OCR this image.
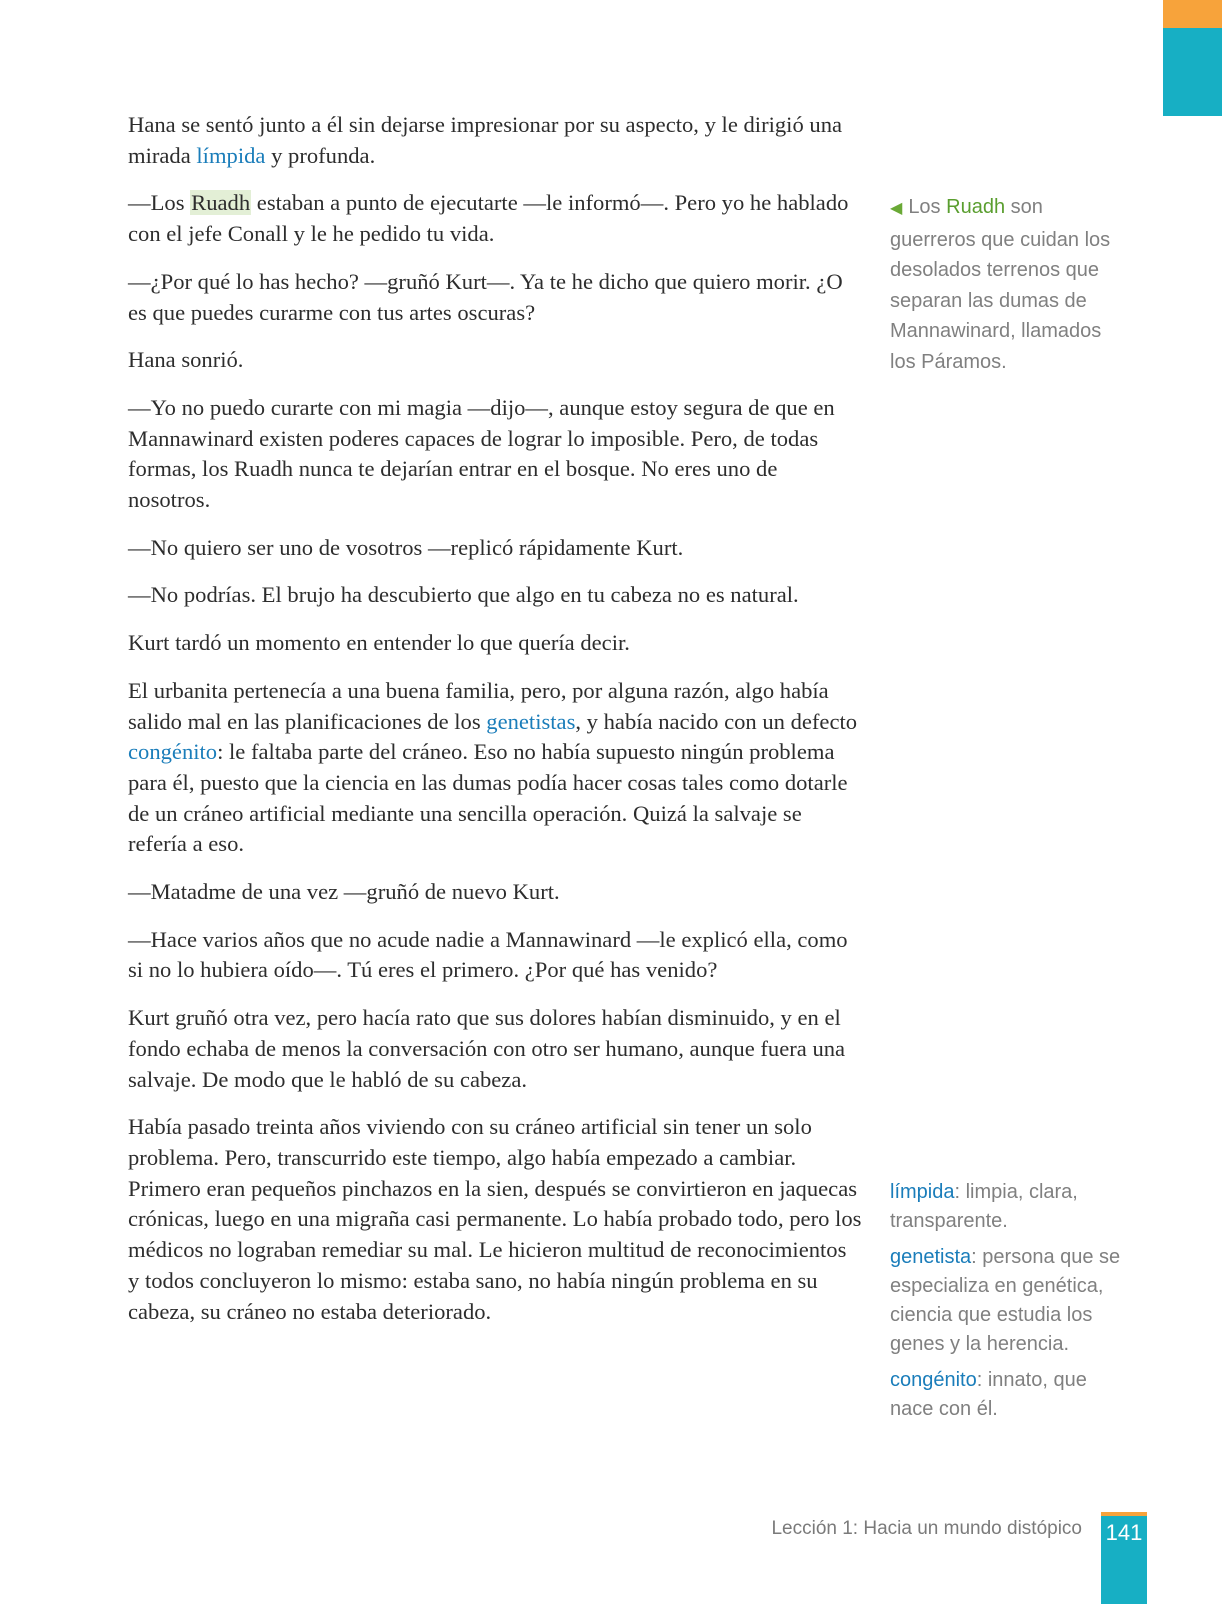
Hana se sentó junto a él sin dejarse impresionar por su aspecto, y le dirigió una mirada límpida y profunda.

—Los Ruadh estaban a punto de ejecutarte —le informó—. Pero yo he hablado con el jefe Conall y le he pedido tu vida.

—¿Por qué lo has hecho? —gruñó Kurt—. Ya te he dicho que quiero morir. ¿O es que puedes curarme con tus artes oscuras?

Hana sonrió.

—Yo no puedo curarte con mi magia —dijo—, aunque estoy segura de que en Mannawinard existen poderes capaces de lograr lo imposible. Pero, de todas formas, los Ruadh nunca te dejarían entrar en el bosque. No eres uno de nosotros.

—No quiero ser uno de vosotros —replicó rápidamente Kurt.

—No podrías. El brujo ha descubierto que algo en tu cabeza no es natural.

Kurt tardó un momento en entender lo que quería decir.

El urbanita pertenecía a una buena familia, pero, por alguna razón, algo había salido mal en las planificaciones de los genetistas, y había nacido con un defecto congénito: le faltaba parte del cráneo. Eso no había supuesto ningún problema para él, puesto que la ciencia en las dumas podía hacer cosas tales como dotarle de un cráneo artificial mediante una sencilla operación. Quizá la salvaje se refería a eso.

—Matadme de una vez —gruñó de nuevo Kurt.

—Hace varios años que no acude nadie a Mannawinard —le explicó ella, como si no lo hubiera oído—. Tú eres el primero. ¿Por qué has venido?

Kurt gruñó otra vez, pero hacía rato que sus dolores habían disminuido, y en el fondo echaba de menos la conversación con otro ser humano, aunque fuera una salvaje. De modo que le habló de su cabeza.

Había pasado treinta años viviendo con su cráneo artificial sin tener un solo problema. Pero, transcurrido este tiempo, algo había empezado a cambiar. Primero eran pequeños pinchazos en la sien, después se convirtieron en jaquecas crónicas, luego en una migraña casi permanente. Lo había probado todo, pero los médicos no lograban remediar su mal. Le hicieron multitud de reconocimientos y todos concluyeron lo mismo: estaba sano, no había ningún problema en su cabeza, su cráneo no estaba deteriorado.

◀ Los Ruadh son guerreros que cuidan los desolados terrenos que separan las dumas de Mannawinard, llamados los Páramos.

límpida: limpia, clara, transparente.

genetista: persona que se especializa en genética, ciencia que estudia los genes y la herencia.

congénito: innato, que nace con él.

Lección 1: Hacia un mundo distópico 141
